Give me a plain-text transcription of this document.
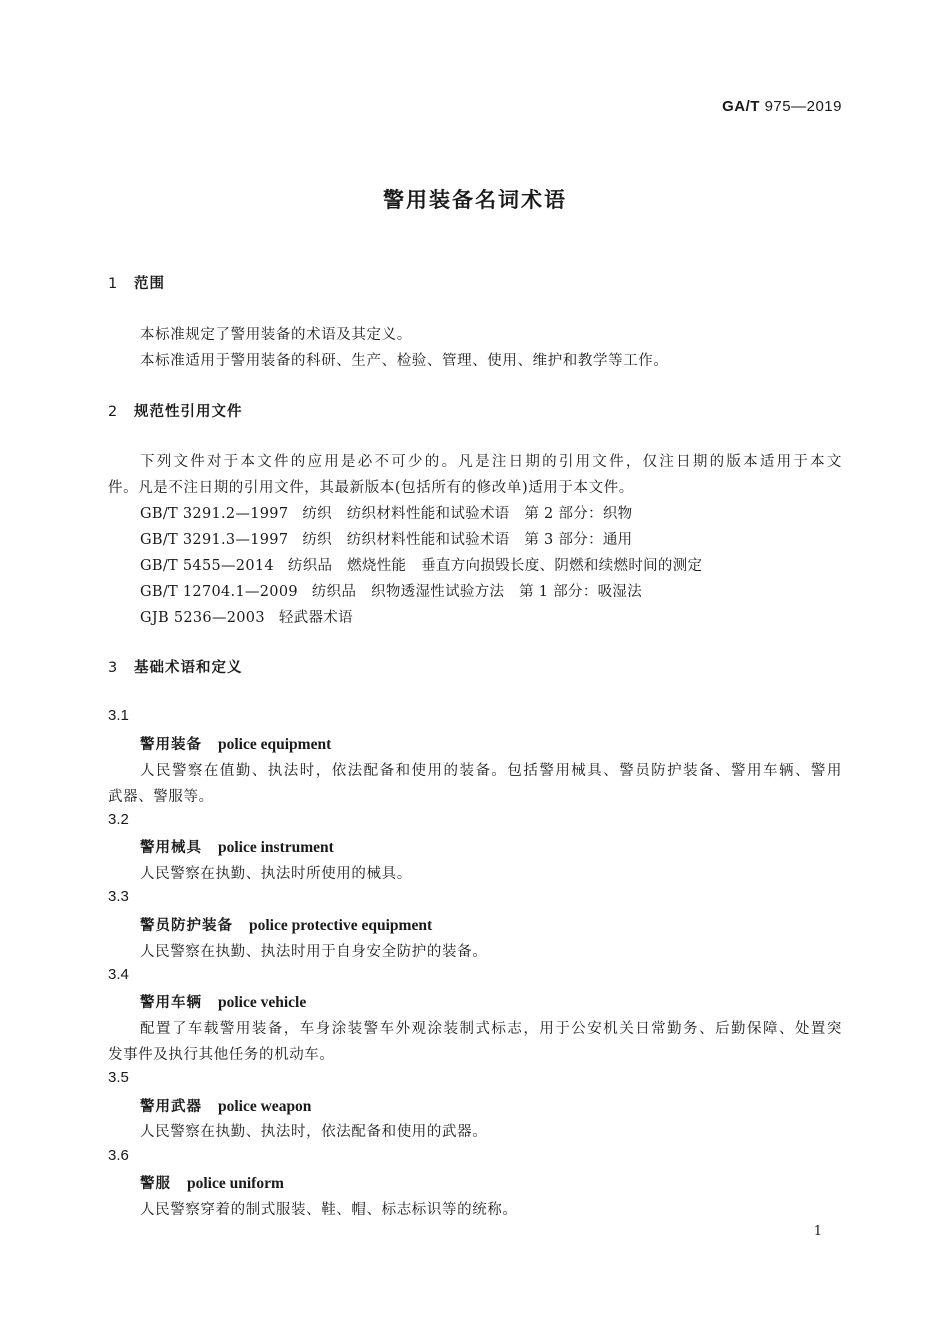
GA/T 975—2019
警用装备名词术语
1 范围
本标准规定了警用装备的术语及其定义。
本标准适用于警用装备的科研、生产、检验、管理、使用、维护和教学等工作。
2 规范性引用文件
下列文件对于本文件的应用是必不可少的。凡是注日期的引用文件，仅注日期的版本适用于本文
件。凡是不注日期的引用文件，其最新版本(包括所有的修改单)适用于本文件。
GB/T 3291.2—1997 纺织　纺织材料性能和试验术语　第 2 部分：织物
GB/T 3291.3—1997 纺织　纺织材料性能和试验术语　第 3 部分：通用
GB/T 5455—2014 纺织品　燃烧性能　垂直方向损毁长度、阴燃和续燃时间的测定
GB/T 12704.1—2009 纺织品　织物透湿性试验方法　第 1 部分：吸湿法
GJB 5236—2003 轻武器术语
3 基础术语和定义
3.1
警用装备 police equipment
人民警察在值勤、执法时，依法配备和使用的装备。包括警用械具、警员防护装备、警用车辆、警用
武器、警服等。
3.2
警用械具 police instrument
人民警察在执勤、执法时所使用的械具。
3.3
警员防护装备 police protective equipment
人民警察在执勤、执法时用于自身安全防护的装备。
3.4
警用车辆 police vehicle
配置了车载警用装备，车身涂装警车外观涂装制式标志，用于公安机关日常勤务、后勤保障、处置突
发事件及执行其他任务的机动车。
3.5
警用武器 police weapon
人民警察在执勤、执法时，依法配备和使用的武器。
3.6
警服 police uniform
人民警察穿着的制式服装、鞋、帽、标志标识等的统称。
1
